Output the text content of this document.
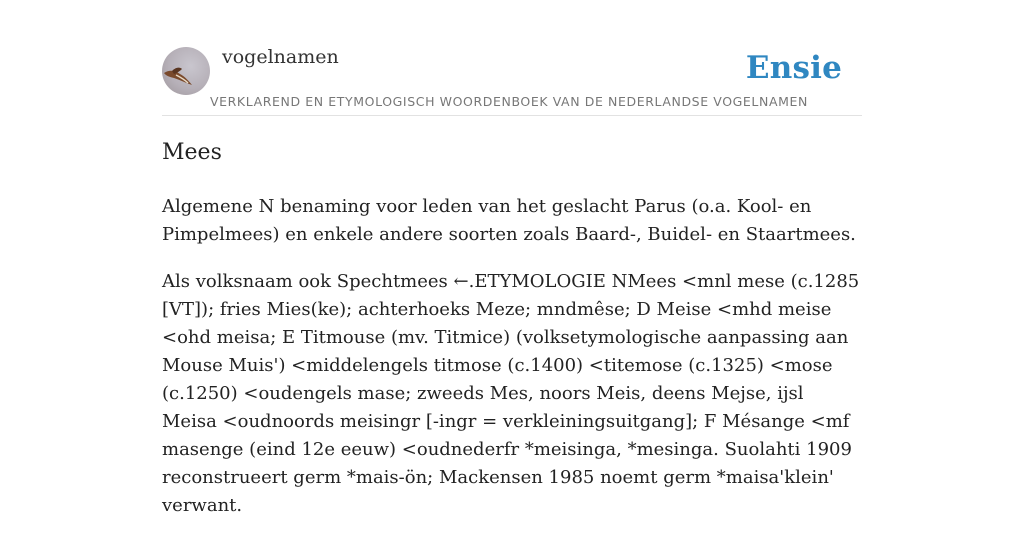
vogelnamen	Ensie
VERKLAREND EN ETYMOLOGISCH WOORDENBOEK VAN DE NEDERLANDSE VOGELNAMEN
Mees

Algemene N benaming voor leden van het geslacht Parus (o.a. Kool- en Pimpelmees) en enkele andere soorten zoals Baard-, Buidel- en Staartmees.

Als volksnaam ook Spechtmees ←.ETYMOLOGIE NMees <mnl mese (c.1285 [VT]); fries Mies(ke); achterhoeks Meze; mndmêse; D Meise <mhd meise <ohd meisa; E Titmouse (mv. Titmice) (volksetymologische aanpassing aan Mouse Muis') <middelengels titmose (c.1400) <titemose (c.1325) <mose (c.1250) <oudengels mase; zweeds Mes, noors Meis, deens Mejse, ijsl Meisa <oudnoords meisingr [-ingr = verkleiningsuitgang]; F Mésange <mf masenge (eind 12e eeuw) <oudnederfr *meisinga, *mesinga. Suolahti 1909 reconstrueert germ *mais-ön; Mackensen 1985 noemt germ *maisa'klein' verwant.
